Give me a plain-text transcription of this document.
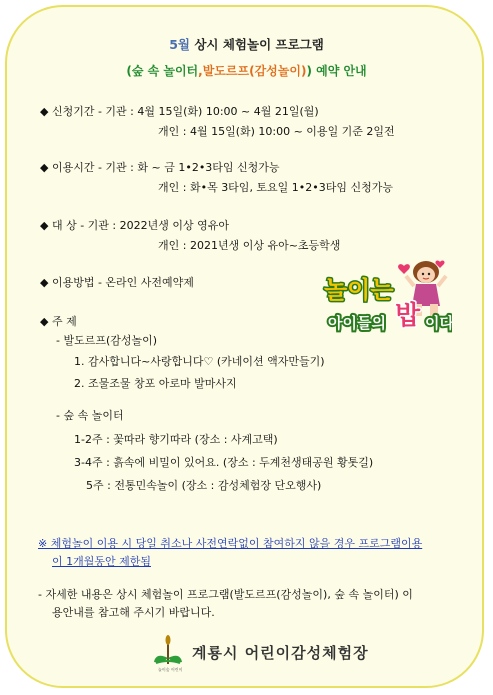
5월 상시 체험놀이 프로그램
(숲 속 놀이터,발도르프(감성놀이)) 예약 안내
◆ 신청기간 - 기관 : 4월 15일(화) 10:00 ~ 4월 21일(월)
개인 : 4월 15일(화) 10:00 ~ 이용일 기준 2일전
◆ 이용시간 - 기관 : 화 ~ 금 1•2•3타임 신청가능
개인 : 화•목 3타임, 토요일 1•2•3타임 신청가능
◆ 대 상 - 기관 : 2022년생 이상 영유아
개인 : 2021년생 이상 유아~초등학생
◆ 이용방법 - 온라인 사전예약제
◆ 주 제
- 발도르프(감성놀이)
1. 감사합니다~사랑합니다♡ (카네이션 액자만들기)
2. 조물조물 창포 아로마 발마사지
- 숲 속 놀이터
1-2주 : 꽃따라 향기따라 (장소 : 사계고택)
3-4주 : 흙속에 비밀이 있어요. (장소 : 두계천생태공원 황톳길)
5주 : 전통민속놀이 (장소 : 감성체험장 단오행사)
※ 체험놀이 이용 시 당일 취소나 사전연락없이 참여하지 않을 경우 프로그램이용
이 1개월동안 제한됨
- 자세한 내용은 상시 체험놀이 프로그램(발도르프(감성놀이), 숲 속 놀이터) 이
용안내를 참고해 주시기 바랍니다.
놀이는
아이들의 밥 이다
놀이숲 어린이
계룡시 어린이감성체험장
